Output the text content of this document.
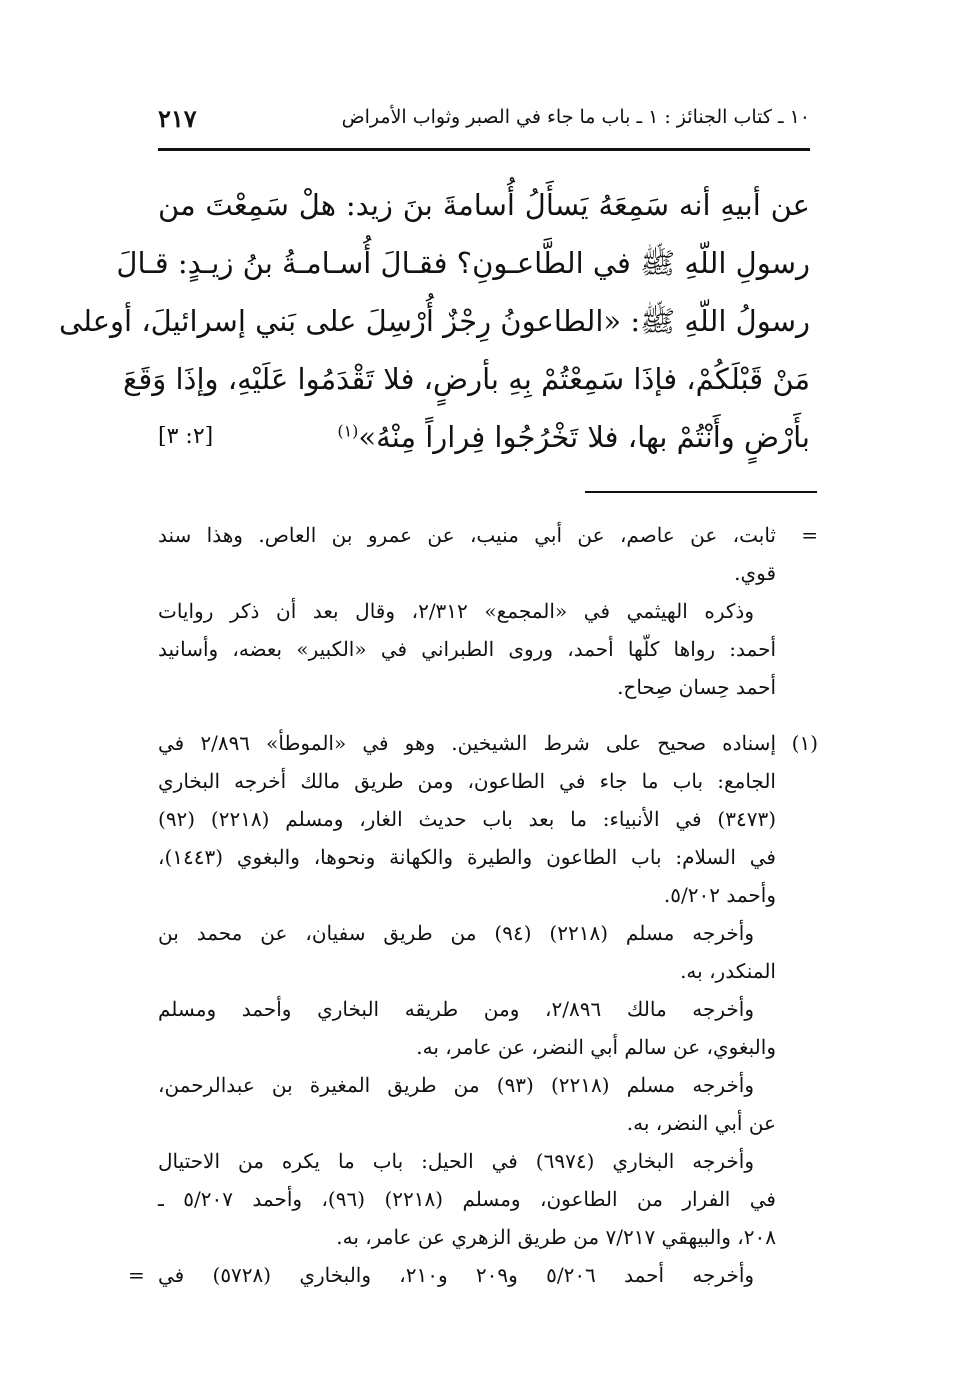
٢١٧	١٠ ـ كتاب الجنائز : ١ ـ باب ما جاء في الصبر وثواب الأمراض
عن أبيهِ أنه سَمِعَهُ يَسأَلُ أُسامةَ بنَ زيد: هلْ سَمِعْتَ من
رسولِ اللّهِ ﷺ في الطَّاعـونِ؟ فقـالَ أُسـامـةُ بنُ زيـدٍ: قـالَ
رسولُ اللّهِ ﷺ: «الطاعونُ رِجْزٌ أُرْسِلَ على بَني إسرائيلَ، أوعلى
مَنْ قَبْلَكُمْ، فإذَا سَمِعْتُمْ بِهِ بأرضٍ، فلا تَقْدَمُوا عَلَيْهِ، وإذَا وَقَعَ
بأَرْضٍ وأَنْتُمْ بها، فلا تَخْرُجُوا فِراراً مِنْهُ»$^{(١)}$
[٢: ٣]
=
ثابت، عن عاصم، عن أبي منيب، عن عمرو بن العاص. وهذا سند
قوي.
وذكره الهيثمي في «المجمع» ٢/٣١٢، وقال بعد أن ذكر روايات
أحمد: رواها كلّها أحمد، وروى الطبراني في «الكبير» بعضه، وأسانيد
أحمد حِسان صِحاح.
(١)
إسناده صحيح على شرط الشيخين. وهو في «الموطأ» ٢/٨٩٦ في
الجامع: باب ما جاء في الطاعون، ومن طريق مالك أخرجه البخاري
(٣٤٧٣) في الأنبياء: ما بعد باب حديث الغار، ومسلم (٢٢١٨) (٩٢)
في السلام: باب الطاعون والطيرة والكهانة ونحوها، والبغوي (١٤٤٣)،
وأحمد ٥/٢٠٢.
وأخرجه مسلم (٢٢١٨) (٩٤) من طريق سفيان، عن محمد بن
المنكدر، به.
وأخرجه مالك ٢/٨٩٦، ومن طريقه البخاري وأحمد ومسلم
والبغوي، عن سالم أبي النضر، عن عامر، به.
وأخرجه مسلم (٢٢١٨) (٩٣) من طريق المغيرة بن عبدالرحمن،
عن أبي النضر، به.
وأخرجه البخاري (٦٩٧٤) في الحيل: باب ما يكره من الاحتيال
في الفرار من الطاعون، ومسلم (٢٢١٨) (٩٦)، وأحمد ٥/٢٠٧ ـ
٢٠٨، والبيهقي ٧/٢١٧ من طريق الزهري عن عامر، به.
وأخرجه أحمد ٥/٢٠٦ و٢٠٩ و٢١٠، والبخاري (٥٧٢٨) في
=
